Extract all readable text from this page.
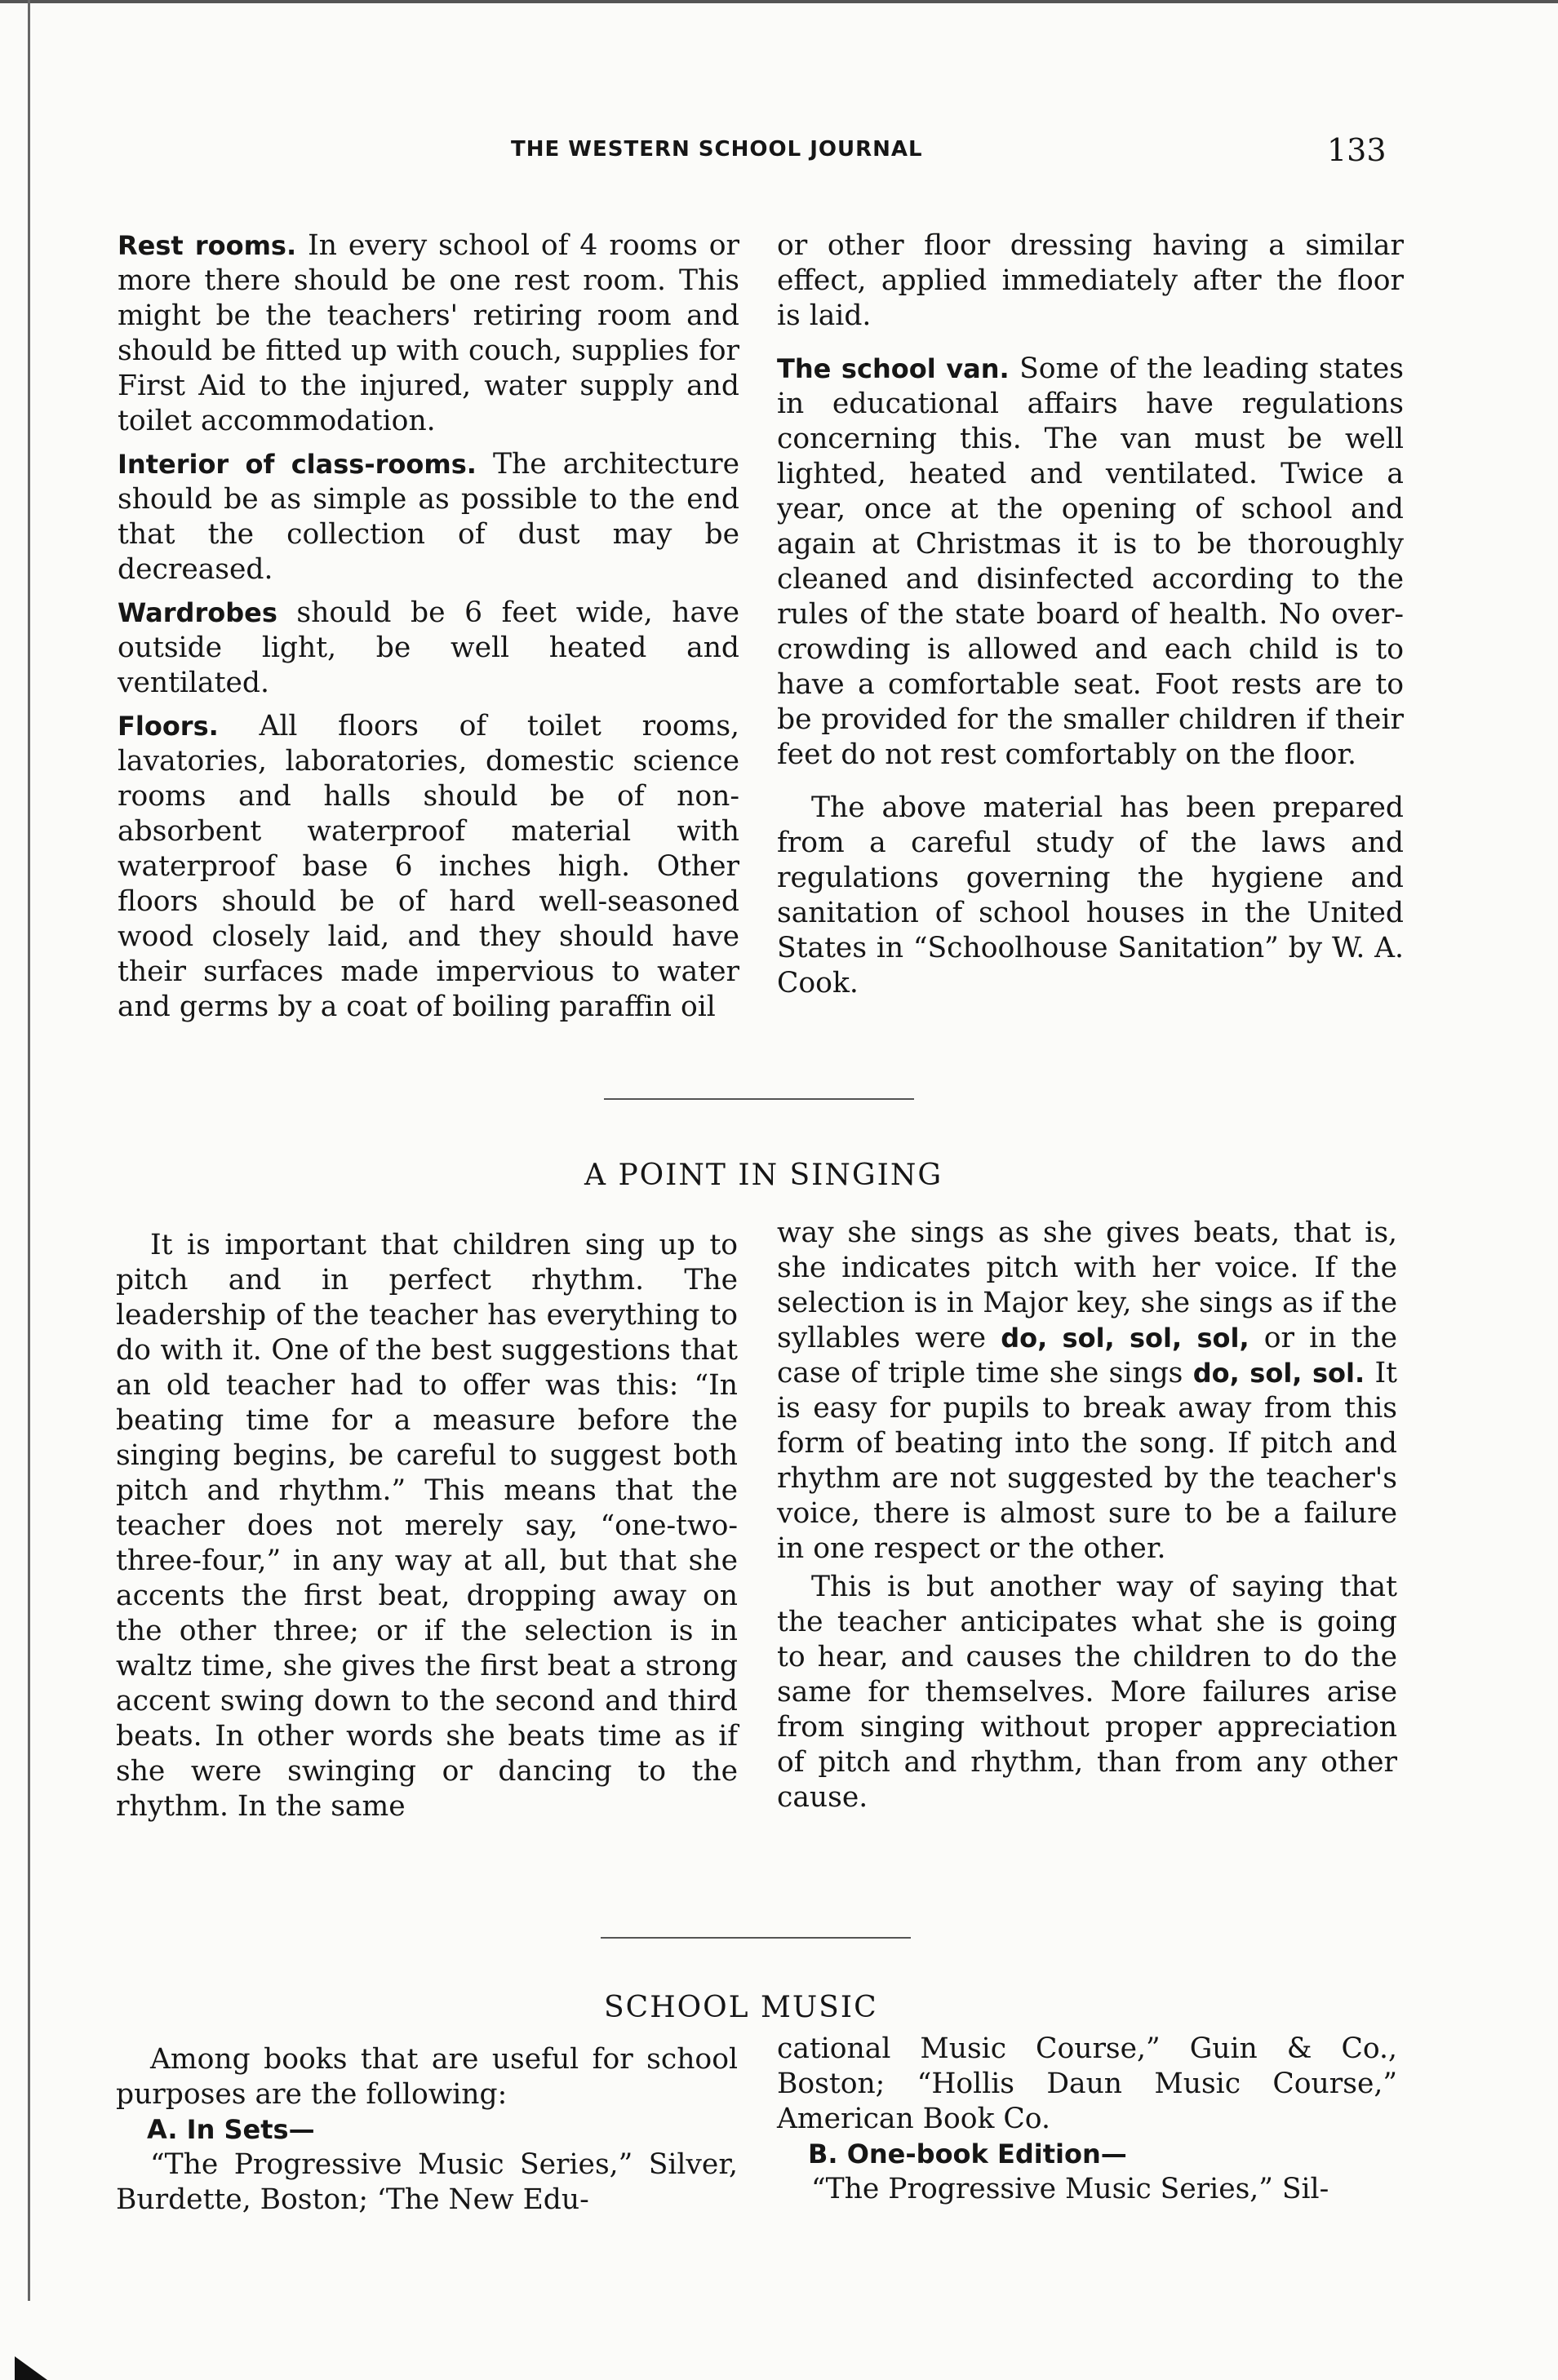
THE WESTERN SCHOOL JOURNAL	133

Rest rooms. In every school of 4 rooms or more there should be one rest room. This might be the teachers' retiring room and should be fitted up with couch, supplies for First Aid to the injured, water supply and toilet accommodation.

Interior of class-rooms. The architecture should be as simple as possible to the end that the collection of dust may be decreased.

Wardrobes should be 6 feet wide, have outside light, be well heated and ventilated.

Floors. All floors of toilet rooms, lavatories, laboratories, domestic science rooms and halls should be of non-absorbent waterproof material with waterproof base 6 inches high. Other floors should be of hard well-seasoned wood closely laid, and they should have their surfaces made impervious to water and germs by a coat of boiling paraffin oil

or other floor dressing having a similar effect, applied immediately after the floor is laid.

The school van. Some of the leading states in educational affairs have regulations concerning this. The van must be well lighted, heated and ventilated. Twice a year, once at the opening of school and again at Christmas it is to be thoroughly cleaned and disinfected according to the rules of the state board of health. No over-crowding is allowed and each child is to have a comfortable seat. Foot rests are to be provided for the smaller children if their feet do not rest comfortably on the floor.

The above material has been prepared from a careful study of the laws and regulations governing the hygiene and sanitation of school houses in the United States in “Schoolhouse Sanitation” by W. A. Cook.

A POINT IN SINGING

It is important that children sing up to pitch and in perfect rhythm. The leadership of the teacher has everything to do with it. One of the best suggestions that an old teacher had to offer was this: “In beating time for a measure before the singing begins, be careful to suggest both pitch and rhythm.” This means that the teacher does not merely say, “one-two-three-four,” in any way at all, but that she accents the first beat, dropping away on the other three; or if the selection is in waltz time, she gives the first beat a strong accent swing down to the second and third beats. In other words she beats time as if she were swinging or dancing to the rhythm. In the same

way she sings as she gives beats, that is, she indicates pitch with her voice. If the selection is in Major key, she sings as if the syllables were do, sol, sol, sol, or in the case of triple time she sings do, sol, sol. It is easy for pupils to break away from this form of beating into the song. If pitch and rhythm are not suggested by the teacher's voice, there is almost sure to be a failure in one respect or the other.

This is but another way of saying that the teacher anticipates what she is going to hear, and causes the children to do the same for themselves. More failures arise from singing without proper appreciation of pitch and rhythm, than from any other cause.

SCHOOL MUSIC

Among books that are useful for school purposes are the following:

A. In Sets—

“The Progressive Music Series,” Silver, Burdette, Boston; ‘The New Edu-

cational Music Course,” Guin & Co., Boston; “Hollis Daun Music Course,” American Book Co.

B. One-book Edition—

“The Progressive Music Series,” Sil-
